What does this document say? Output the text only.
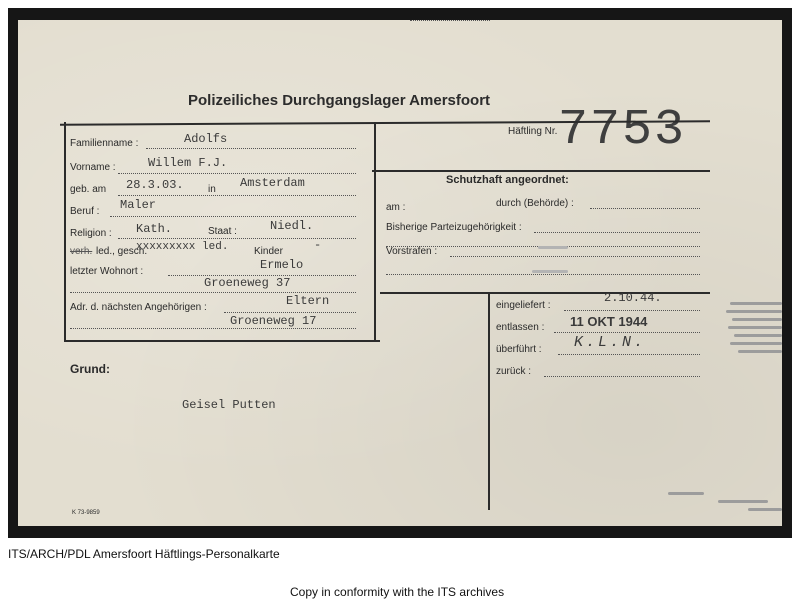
Polizeiliches Durchgangslager Amersfoort
Häftling Nr. 7753
Familienname :	Adolfs
Vorname :	Willem F.J.
geb. am 28.3.03. in Amsterdam
Beruf : Maler
Religion : Kath.	Staat :	Niedl.
verh. led., gesch.
xxxxxxxxx led.	Kinder	-
letzter Wohnort :	Ermelo
Groeneweg 37
Adr. d. nächsten Angehörigen :	Eltern
Groeneweg 17
Schutzhaft angeordnet:
am :	durch (Behörde) :
Bisherige Parteizugehörigkeit :
Vorstrafen :
eingeliefert :
2.10.44.
entlassen : 11 OKT 1944
überführt : K.L.N.
zurück :
Grund:
Geisel Putten
K 73-9859
ITS/ARCH/PDL Amersfoort Häftlings-Personalkarte
Copy in conformity with the ITS archives
